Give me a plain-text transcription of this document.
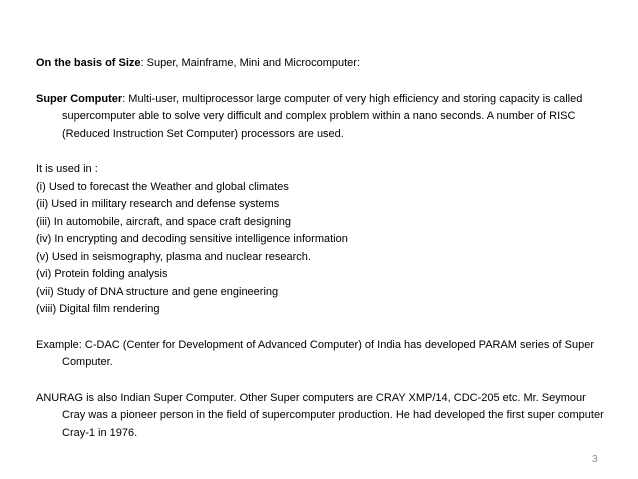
On the basis of Size: Super, Mainframe, Mini and Microcomputer:

Super Computer: Multi-user, multiprocessor large computer of very high efficiency and storing capacity is called supercomputer able to solve very difficult and complex problem within a nano seconds. A number of RISC (Reduced Instruction Set Computer) processors are used.

It is used in :

(i) Used to forecast the Weather and global climates

(ii) Used in military research and defense systems

(iii) In automobile, aircraft, and space craft designing

(iv) In encrypting and decoding sensitive intelligence information

(v) Used in seismography, plasma and nuclear research.

(vi) Protein folding analysis

(vii) Study of DNA structure and gene engineering

(viii) Digital film rendering

Example: C-DAC (Center for Development of Advanced Computer) of India has developed PARAM series of Super Computer.

ANURAG is also Indian Super Computer. Other Super computers are CRAY XMP/14, CDC-205 etc. Mr. Seymour Cray was a pioneer person in the field of supercomputer production. He had developed the first super computer Cray-1 in 1976.

3
